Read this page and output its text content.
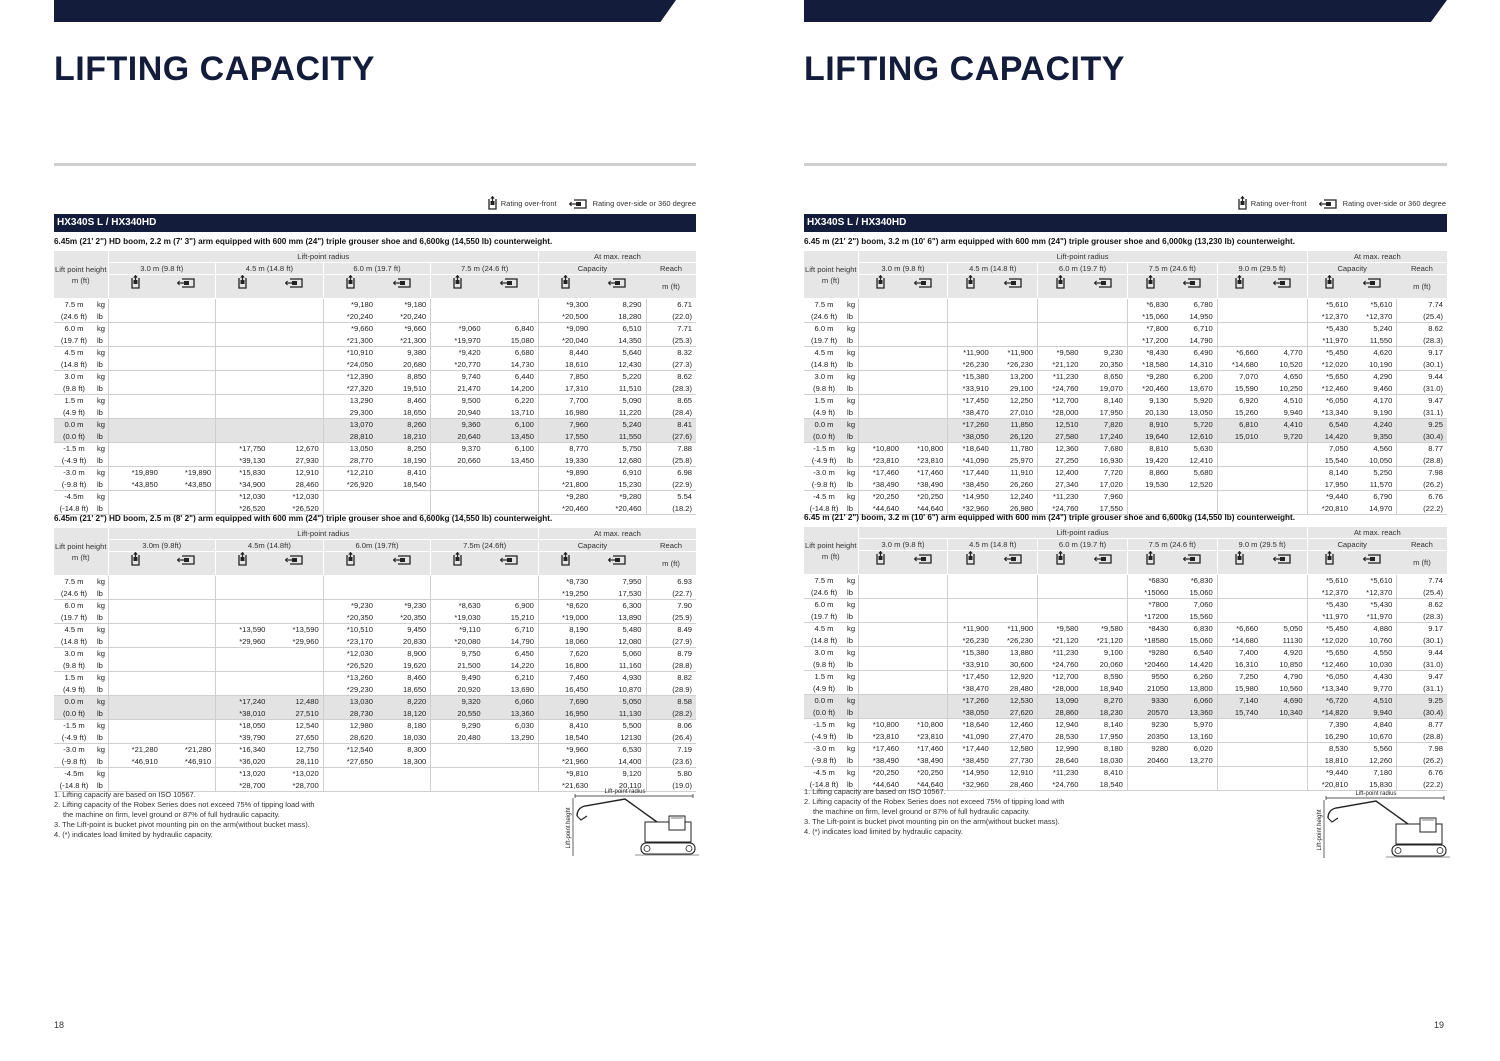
LIFTING CAPACITY
Rating over-front	Rating over-side or 360 degree
HX340S L / HX340HD
6.45m (21' 2") HD boom, 2.2 m (7' 3") arm equipped with 600 mm (24") triple grouser shoe and 6,600kg (14,550 lb) counterweight.
Lift point height m (ft)		Lift-point radius								At max. reach		
		3.0 m (9.8 ft)		4.5 m (14.8 ft)		6.0 m (19.7 ft)		7.5 m (24.6 ft)		Capacity		Reach
										m (ft)
7.5 m	kg					*9,180	*9,180			*9,300	8,290	6.71
(24.6 ft)	lb					*20,240	*20,240			*20,500	18,280	(22.0)
6.0 m	kg					*9,660	*9,660	*9,060	6,840	*9,090	6,510	7.71
(19.7 ft)	lb					*21,300	*21,300	*19,970	15,080	*20,040	14,350	(25.3)
4.5 m	kg					*10,910	9,380	*9,420	6,680	8,440	5,640	8.32
(14.8 ft)	lb					*24,050	20,680	*20,770	14,730	18,610	12,430	(27.3)
3.0 m	kg					*12,390	8,850	9,740	6,440	7,850	5,220	8.62
(9.8 ft)	lb					*27,320	19,510	21,470	14,200	17,310	11,510	(28.3)
1.5 m	kg					13,290	8,460	9,500	6,220	7,700	5,090	8.65
(4.9 ft)	lb					29,300	18,650	20,940	13,710	16,980	11,220	(28.4)
0.0 m	kg					13,070	8,260	9,360	6,100	7,960	5,240	8.41
(0.0 ft)	lb					28,810	18,210	20,640	13,450	17,550	11,550	(27.6)
-1.5 m	kg			*17,750	12,670	13,050	8,250	9,370	6,100	8,770	5,750	7.88
(-4.9 ft)	lb			*39,130	27,930	28,770	18,190	20,660	13,450	19,330	12,680	(25.8)
-3.0 m	kg	*19,890	*19,890	*15,830	12,910	*12,210	8,410			*9,890	6,910	6.98
(-9.8 ft)	lb	*43,850	*43,850	*34,900	28,460	*26,920	18,540			*21,800	15,230	(22.9)
-4.5m	kg			*12,030	*12,030					*9,280	*9,280	5.54
(-14.8 ft)	lb			*26,520	*26,520					*20,460	*20,460	(18.2)
6.45m (21' 2") HD boom, 2.5 m (8' 2") arm equipped with 600 mm (24") triple grouser shoe and 6,600kg (14,550 lb) counterweight.
Lift point height m (ft)		Lift-point radius								At max. reach		
		3.0m (9.8ft)		4.5m (14.8ft)		6.0m (19.7ft)		7.5m (24.6ft)		Capacity		Reach
										m (ft)
7.5 m	kg									*8,730	7,950	6.93
(24.6 ft)	lb									*19,250	17,530	(22.7)
6.0 m	kg					*9,230	*9,230	*8,630	6,900	*8,620	6,300	7.90
(19.7 ft)	lb					*20,350	*20,350	*19,030	15,210	*19,000	13,890	(25.9)
4.5 m	kg			*13,590	*13,590	*10,510	9,450	*9,110	6,710	8,190	5,480	8.49
(14.8 ft)	lb			*29,960	*29,960	*23,170	20,830	*20,080	14,790	18,060	12,080	(27.9)
3.0 m	kg					*12,030	8,900	9,750	6,450	7,620	5,060	8.79
(9.8 ft)	lb					*26,520	19,620	21,500	14,220	16,800	11,160	(28.8)
1.5 m	kg					*13,260	8,460	9,490	6,210	7,460	4,930	8.82
(4.9 ft)	lb					*29,230	18,650	20,920	13,690	16,450	10,870	(28.9)
0.0 m	kg			*17,240	12,480	13,030	8,220	9,320	6,060	7,690	5,050	8.58
(0.0 ft)	lb			*38,010	27,510	28,730	18,120	20,550	13,360	16,950	11,130	(28.2)
-1.5 m	kg			*18,050	12,540	12,980	8,180	9,290	6,030	8,410	5,500	8.06
(-4.9 ft)	lb			*39,790	27,650	28,620	18,030	20,480	13,290	18,540	12130	(26.4)
-3.0 m	kg	*21,280	*21,280	*16,340	12,750	*12,540	8,300			*9,960	6,530	7.19
(-9.8 ft)	lb	*46,910	*46,910	*36,020	28,110	*27,650	18,300			*21,960	14,400	(23.6)
-4.5m	kg			*13,020	*13,020					*9,810	9,120	5.80
(-14.8 ft)	lb			*28,700	*28,700					*21,630	20,110	(19.0)
1. Lifting capacity are based on ISO 10567.
2. Lifting capacity of the Robex Series does not exceed 75% of tipping load with
the machine on firm, level ground or 87% of full hydraulic capacity.
3. The Lift-point is bucket pivot mounting pin on the arm(without bucket mass).
4. (*) indicates load limited by hydraulic capacity.
Lift-point radius
Lift-point height
18
LIFTING CAPACITY
Rating over-front	Rating over-side or 360 degree
HX340S L / HX340HD
6.45 m (21' 2") boom, 3.2 m (10' 6") arm equipped with 600 mm (24") triple grouser shoe and 6,000kg (13,230 lb) counterweight.
Lift point height m (ft)		Lift-point radius										At max. reach		
		3.0 m (9.8 ft)		4.5 m (14.8 ft)		6.0 m (19.7 ft)		7.5 m (24.6 ft)		9.0 m (29.5 ft)		Capacity		Reach
												m (ft)
7.5 m	kg							*6,830	6,780			*5,610	*5,610	7.74
(24.6 ft)	lb							*15,060	14,950			*12,370	*12,370	(25.4)
6.0 m	kg							*7,800	6,710			*5,430	5,240	8.62
(19.7 ft)	lb							*17,200	14,790			*11,970	11,550	(28.3)
4.5 m	kg			*11,900	*11,900	*9,580	9,230	*8,430	6,490	*6,660	4,770	*5,450	4,620	9.17
(14.8 ft)	lb			*26,230	*26,230	*21,120	20,350	*18,580	14,310	*14,680	10,520	*12,020	10,190	(30.1)
3.0 m	kg			*15,380	13,200	*11,230	8,650	*9,280	6,200	7,070	4,650	*5,650	4,290	9.44
(9.8 ft)	lb			*33,910	29,100	*24,760	19,070	*20,460	13,670	15,590	10,250	*12,460	9,460	(31.0)
1.5 m	kg			*17,450	12,250	*12,700	8,140	9,130	5,920	6,920	4,510	*6,050	4,170	9.47
(4.9 ft)	lb			*38,470	27,010	*28,000	17,950	20,130	13,050	15,260	9,940	*13,340	9,190	(31.1)
0.0 m	kg			*17,260	11,850	12,510	7,820	8,910	5,720	6,810	4,410	6,540	4,240	9.25
(0.0 ft)	lb			*38,050	26,120	27,580	17,240	19,640	12,610	15,010	9,720	14,420	9,350	(30.4)
-1.5 m	kg	*10,800	*10,800	*18,640	11,780	12,360	7,680	8,810	5,630			7,050	4,560	8.77
(-4.9 ft)	lb	*23,810	*23,810	*41,090	25,970	27,250	16,930	19,420	12,410			15,540	10,050	(28.8)
-3.0 m	kg	*17,460	*17,460	*17,440	11,910	12,400	7,720	8,860	5,680			8,140	5,250	7.98
(-9.8 ft)	lb	*38,490	*38,490	*38,450	26,260	27,340	17,020	19,530	12,520			17,950	11,570	(26.2)
-4.5 m	kg	*20,250	*20,250	*14,950	12,240	*11,230	7,960					*9,440	6,790	6.76
(-14.8 ft)	lb	*44,640	*44,640	*32,960	26,980	*24,760	17,550					*20,810	14,970	(22.2)
6.45 m (21' 2") boom, 3.2 m (10' 6") arm equipped with 600 mm (24") triple grouser shoe and 6,600kg (14,550 lb) counterweight.
Lift point height m (ft)		Lift-point radius										At max. reach		
		3.0 m (9.8 ft)		4.5 m (14.8 ft)		6.0 m (19.7 ft)		7.5 m (24.6 ft)		9.0 m (29.5 ft)		Capacity		Reach
												m (ft)
7.5 m	kg							*6830	*6,830			*5,610	*5,610	7.74
(24.6 ft)	lb							*15060	15,060			*12,370	*12,370	(25.4)
6.0 m	kg							*7800	7,060			*5,430	*5,430	8.62
(19.7 ft)	lb							*17200	15,560			*11,970	*11,970	(28.3)
4.5 m	kg			*11,900	*11,900	*9,580	*9,580	*8430	6,830	*6,660	5,050	*5,450	4,880	9.17
(14.8 ft)	lb			*26,230	*26,230	*21,120	*21,120	*18580	15,060	*14,680	11130	*12,020	10,760	(30.1)
3.0 m	kg			*15,380	13,880	*11,230	9,100	*9280	6,540	7,400	4,920	*5,650	4,550	9.44
(9.8 ft)	lb			*33,910	30,600	*24,760	20,060	*20460	14,420	16,310	10,850	*12,460	10,030	(31.0)
1.5 m	kg			*17,450	12,920	*12,700	8,590	9550	6,260	7,250	4,790	*6,050	4,430	9.47
(4.9 ft)	lb			*38,470	28,480	*28,000	18,940	21050	13,800	15,980	10,560	*13,340	9,770	(31.1)
0.0 m	kg			*17,260	12,530	13,090	8,270	9330	6,060	7,140	4,690	*6,720	4,510	9.25
(0.0 ft)	lb			*38,050	27,620	28,860	18,230	20570	13,360	15,740	10,340	*14,820	9,940	(30.4)
-1.5 m	kg	*10,800	*10,800	*18,640	12,460	12,940	8,140	9230	5,970			7,390	4,840	8.77
(-4.9 ft)	lb	*23,810	*23,810	*41,090	27,470	28,530	17,950	20350	13,160			16,290	10,670	(28.8)
-3.0 m	kg	*17,460	*17,460	*17,440	12,580	12,990	8,180	9280	6,020			8,530	5,560	7.98
(-9.8 ft)	lb	*38,490	*38,490	*38,450	27,730	28,640	18,030	20460	13,270			18,810	12,260	(26.2)
-4.5 m	kg	*20,250	*20,250	*14,950	12,910	*11,230	8,410					*9,440	7,180	6.76
(-14.8 ft)	lb	*44,640	*44,640	*32,960	28,460	*24,760	18,540					*20,810	15,830	(22.2)
1. Lifting capacity are based on ISO 10567.
2. Lifting capacity of the Robex Series does not exceed 75% of tipping load with
the machine on firm, level ground or 87% of full hydraulic capacity.
3. The Lift-point is bucket pivot mounting pin on the arm(without bucket mass).
4. (*) indicates load limited by hydraulic capacity.
Lift-point radius
Lift-point height
19
